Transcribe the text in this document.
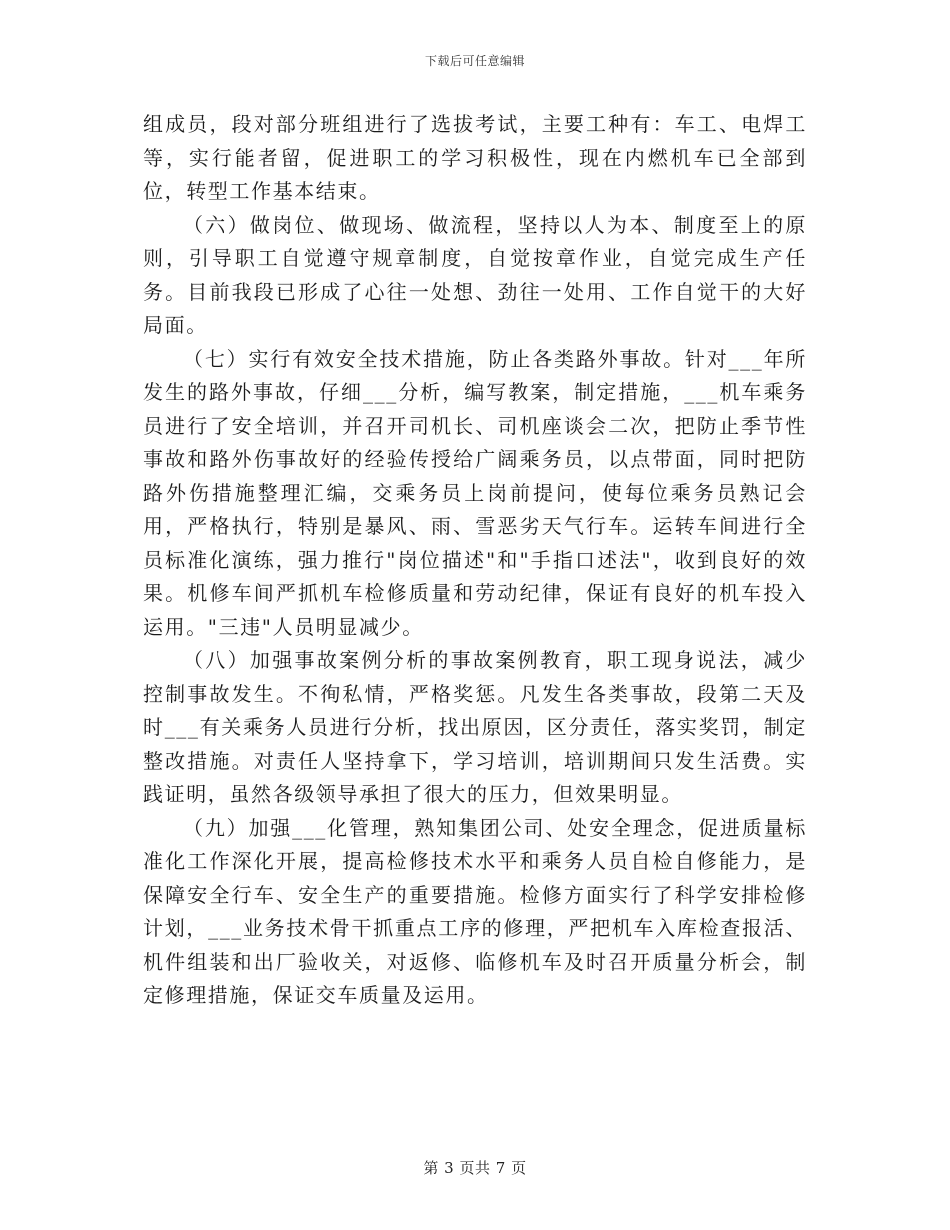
下载后可任意编辑

组成员，段对部分班组进行了选拔考试，主要工种有：车工、电焊工等，实行能者留，促进职工的学习积极性，现在内燃机车已全部到位，转型工作基本结束。

（六）做岗位、做现场、做流程，坚持以人为本、制度至上的原则，引导职工自觉遵守规章制度，自觉按章作业，自觉完成生产任务。目前我段已形成了心往一处想、劲往一处用、工作自觉干的大好局面。

（七）实行有效安全技术措施，防止各类路外事故。针对___年所发生的路外事故，仔细___分析，编写教案，制定措施，___机车乘务员进行了安全培训，并召开司机长、司机座谈会二次，把防止季节性事故和路外伤事故好的经验传授给广阔乘务员，以点带面，同时把防路外伤措施整理汇编，交乘务员上岗前提问，使每位乘务员熟记会用，严格执行，特别是暴风、雨、雪恶劣天气行车。运转车间进行全员标准化演练，强力推行"岗位描述"和"手指口述法"，收到良好的效果。机修车间严抓机车检修质量和劳动纪律，保证有良好的机车投入运用。"三违"人员明显减少。

（八）加强事故案例分析的事故案例教育，职工现身说法，减少控制事故发生。不徇私情，严格奖惩。凡发生各类事故，段第二天及时___有关乘务人员进行分析，找出原因，区分责任，落实奖罚，制定整改措施。对责任人坚持拿下，学习培训，培训期间只发生活费。实践证明，虽然各级领导承担了很大的压力，但效果明显。

（九）加强___化管理，熟知集团公司、处安全理念，促进质量标准化工作深化开展，提高检修技术水平和乘务人员自检自修能力，是保障安全行车、安全生产的重要措施。检修方面实行了科学安排检修计划，___业务技术骨干抓重点工序的修理，严把机车入库检查报活、机件组装和出厂验收关，对返修、临修机车及时召开质量分析会，制定修理措施，保证交车质量及运用。

第 3 页共 7 页
